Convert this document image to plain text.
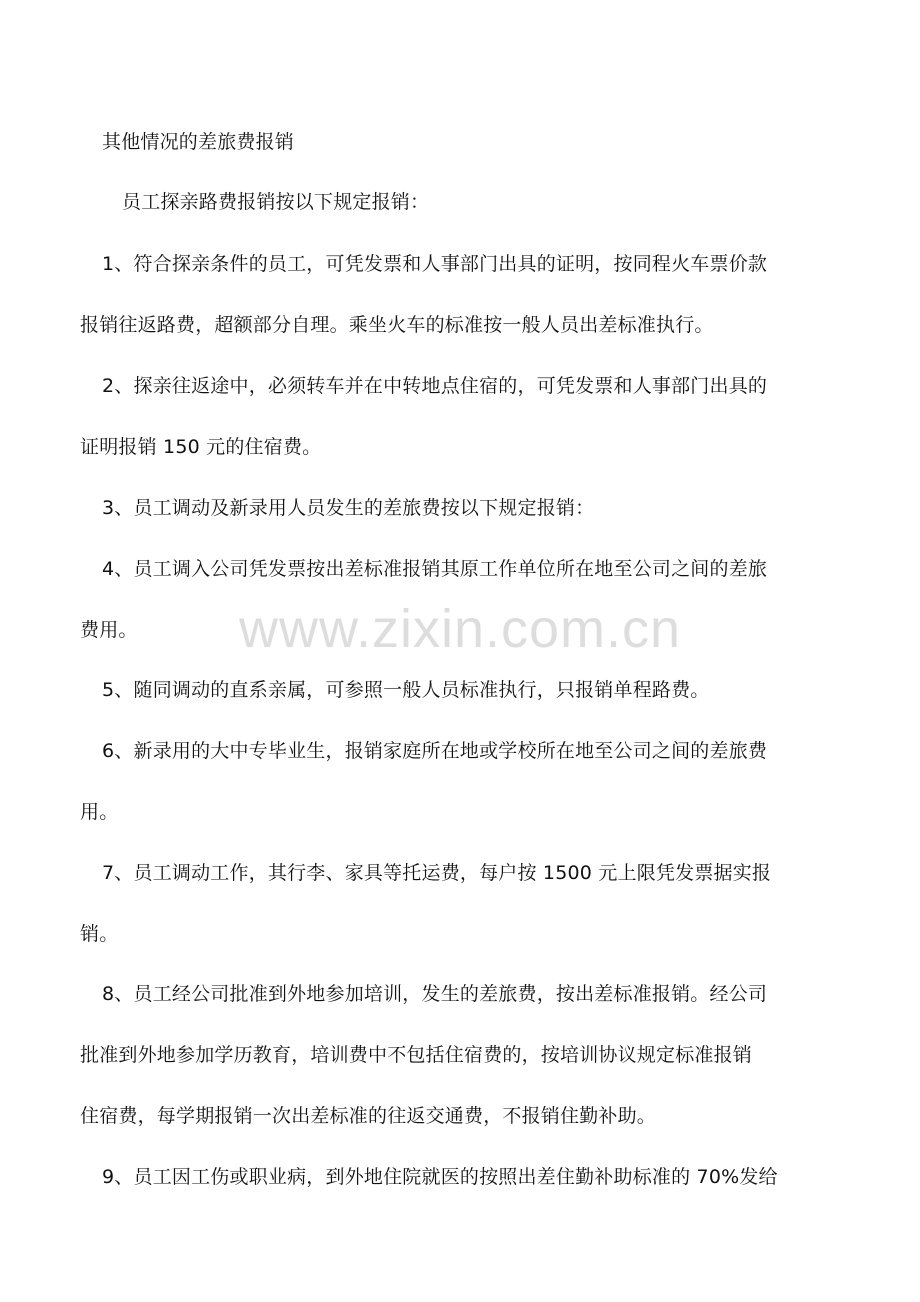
其他情况的差旅费报销
员工探亲路费报销按以下规定报销：
1、符合探亲条件的员工，可凭发票和人事部门出具的证明，按同程火车票价款
报销往返路费，超额部分自理。乘坐火车的标准按一般人员出差标准执行。
2、探亲往返途中，必须转车并在中转地点住宿的，可凭发票和人事部门出具的
证明报销 150 元的住宿费。
3、员工调动及新录用人员发生的差旅费按以下规定报销：
4、员工调入公司凭发票按出差标准报销其原工作单位所在地至公司之间的差旅
费用。
5、随同调动的直系亲属，可参照一般人员标准执行，只报销单程路费。
6、新录用的大中专毕业生，报销家庭所在地或学校所在地至公司之间的差旅费
用。
7、员工调动工作，其行李、家具等托运费，每户按 1500 元上限凭发票据实报
销。
8、员工经公司批准到外地参加培训，发生的差旅费，按出差标准报销。经公司
批准到外地参加学历教育，培训费中不包括住宿费的，按培训协议规定标准报销
住宿费，每学期报销一次出差标准的往返交通费，不报销住勤补助。
9、员工因工伤或职业病，到外地住院就医的按照出差住勤补助标准的 70%发给
www.zixin.com.cn
